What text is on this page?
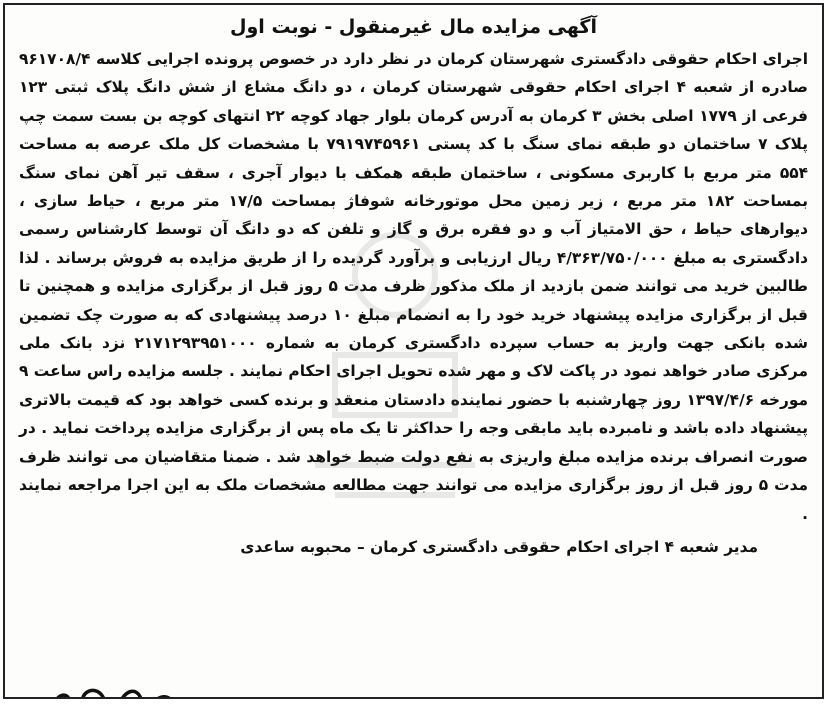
آگهی مزایده مال غیرمنقول - نوبت اول

اجرای احکام حقوقی دادگستری شهرستان کرمان در نظر دارد در خصوص پرونده اجرایی کلاسه ۹۶۱۷۰۸/۴ صادره از شعبه ۴ اجرای احکام حقوقی شهرستان کرمان ، دو دانگ مشاع از شش دانگ پلاک ثبتی ۱۲۳ فرعی از ۱۷۷۹ اصلی بخش ۳ کرمان به آدرس کرمان بلوار جهاد کوچه ۲۲ انتهای کوچه بن بست سمت چپ پلاک ۷ ساختمان دو طبقه نمای سنگ با کد پستی ۷۹۱۹۷۴۵۹۶۱ با مشخصات کل ملک عرصه به مساحت ۵۵۴ متر مربع با کاربری مسکونی ، ساختمان طبقه همکف با دیوار آجری ، سقف تیر آهن نمای سنگ بمساحت ۱۸۲ متر مربع ، زیر زمین محل موتورخانه شوفاژ بمساحت ۱۷/۵ متر مربع ، حیاط سازی ، دیوارهای حیاط ، حق الامتیاز آب و دو فقره برق و گاز و تلفن که دو دانگ آن توسط کارشناس رسمی دادگستری به مبلغ ۴/۳۶۳/۷۵۰/۰۰۰ ریال ارزیابی و برآورد گردیده را از طریق مزایده به فروش برساند . لذا طالبین خرید می توانند ضمن بازدید از ملک مذکور ظرف مدت ۵ روز قبل از برگزاری مزایده و همچنین تا قبل از برگزاری مزایده پیشنهاد خرید خود را به انضمام مبلغ ۱۰ درصد پیشنهادی که به صورت چک تضمین شده بانکی جهت واریز به حساب سپرده دادگستری کرمان به شماره ۲۱۷۱۲۹۳۹۵۱۰۰۰ نزد بانک ملی مرکزی صادر خواهد نمود در پاکت لاک و مهر شده تحویل اجرای احکام نمایند . جلسه مزایده راس ساعت ۹ مورخه ۱۳۹۷/۴/۶ روز چهارشنبه با حضور نماینده دادستان منعقد و برنده کسی خواهد بود که قیمت بالاتری پیشنهاد داده باشد و نامبرده باید مابقی وجه را حداکثر تا یک ماه پس از برگزاری مزایده پرداخت نماید . در صورت انصراف برنده مزایده مبلغ واریزی به نفع دولت ضبط خواهد شد . ضمنا متقاضیان می توانند ظرف مدت ۵ روز قبل از روز برگزاری مزایده می توانند جهت مطالعه مشخصات ملک به این اجرا مراجعه نمایند .

مدیر شعبه ۴ اجرای احکام حقوقی دادگستری کرمان – محبوبه ساعدی
